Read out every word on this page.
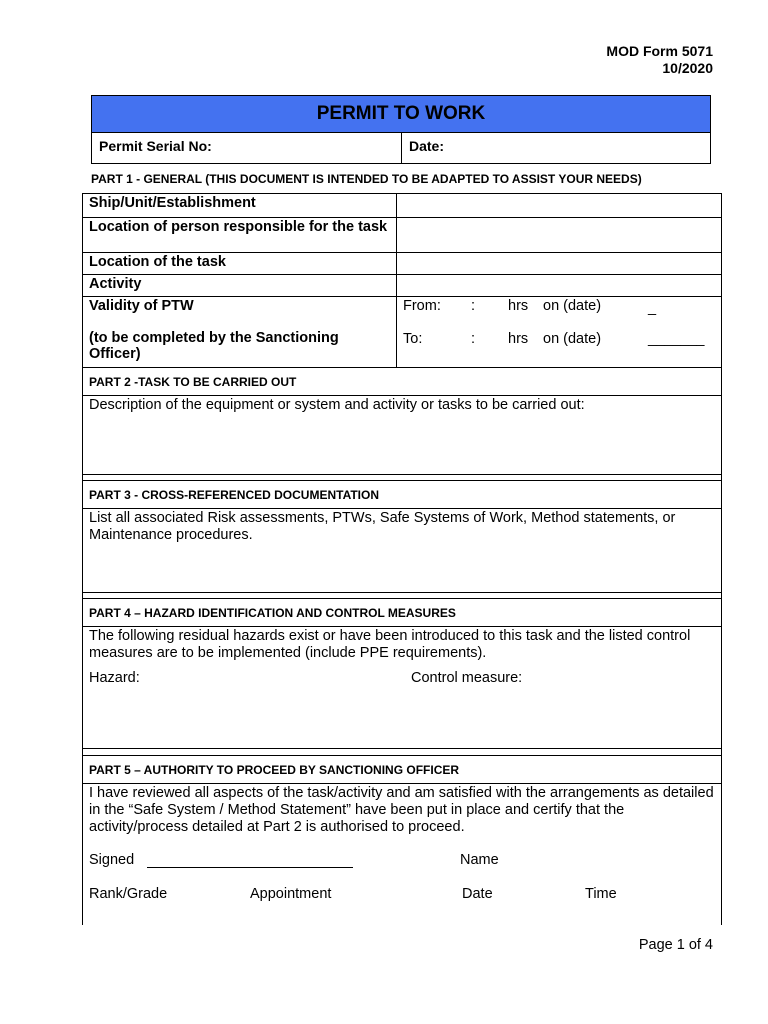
MOD Form 5071
10/2020
PERMIT TO WORK
Permit Serial No:	Date:
PART 1 - GENERAL (THIS DOCUMENT IS INTENDED TO BE ADAPTED TO ASSIST YOUR NEEDS)
Ship/Unit/Establishment
Location of person responsible for the task
Location of the task
Activity
Validity of PTW
(to be completed by the Sanctioning Officer)
From: : hrs on (date)	_
To:	: hrs on (date)	_______
PART 2 -TASK TO BE CARRIED OUT
Description of the equipment or system and activity or tasks to be carried out:
PART 3 - CROSS-REFERENCED DOCUMENTATION
List all associated Risk assessments, PTWs, Safe Systems of Work, Method statements, or Maintenance procedures.
PART 4 – HAZARD IDENTIFICATION AND CONTROL MEASURES
The following residual hazards exist or have been introduced to this task and the listed control measures are to be implemented (include PPE requirements).
Hazard:	Control measure:
PART 5 – AUTHORITY TO PROCEED BY SANCTIONING OFFICER
I have reviewed all aspects of the task/activity and am satisfied with the arrangements as detailed in the “Safe System / Method Statement” have been put in place and certify that the activity/process detailed at Part 2 is authorised to proceed.
Signed	Name
Rank/Grade	Appointment	Date	Time
Page 1 of 4
